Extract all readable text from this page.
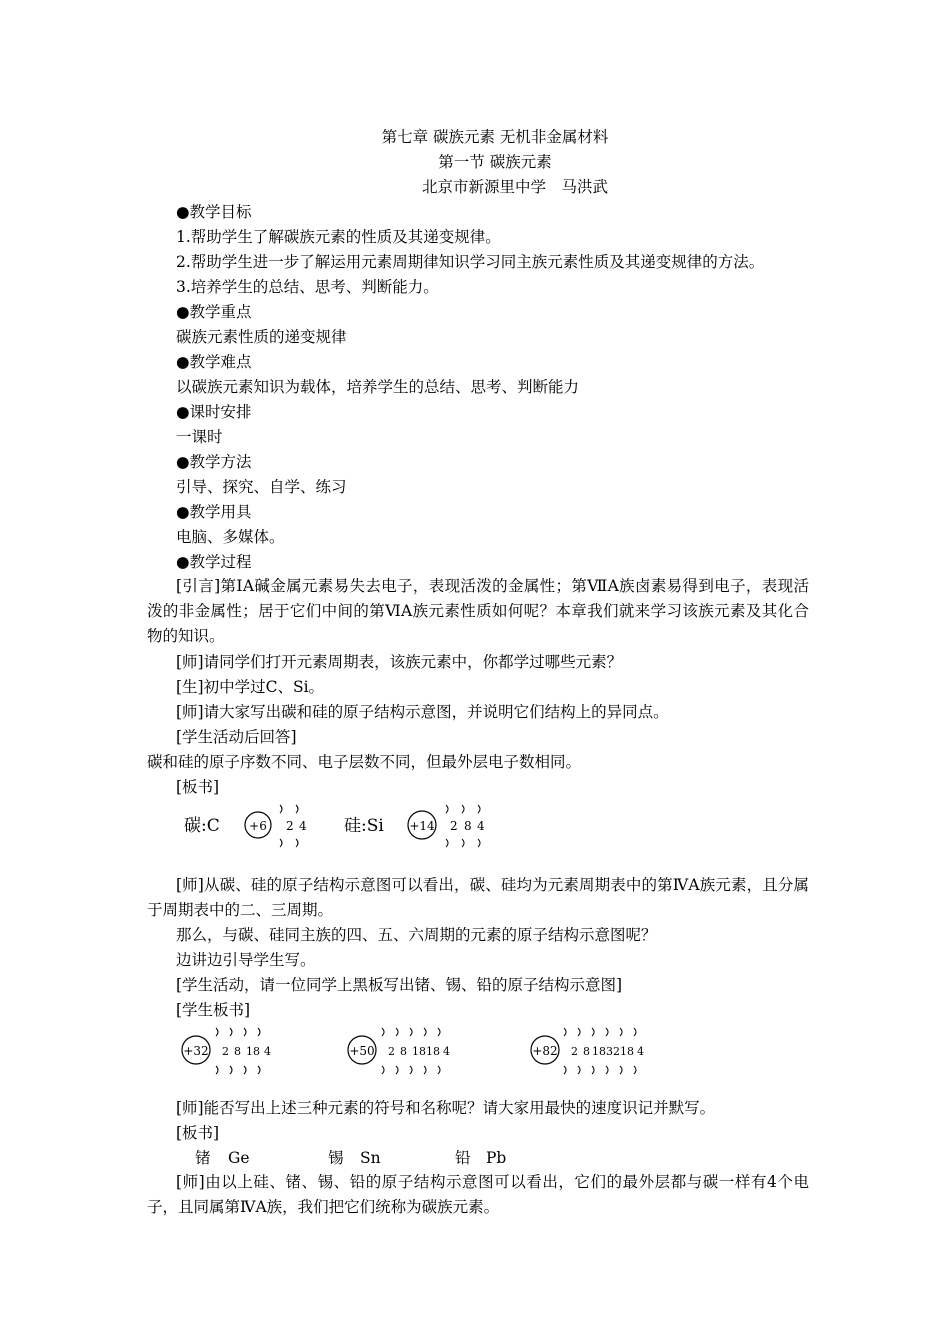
第七章 碳族元素 无机非金属材料
第一节 碳族元素
北京市新源里中学　马洪武
●教学目标
1.帮助学生了解碳族元素的性质及其递变规律。
2.帮助学生进一步了解运用元素周期律知识学习同主族元素性质及其递变规律的方法。
3.培养学生的总结、思考、判断能力。
●教学重点
碳族元素性质的递变规律
●教学难点
以碳族元素知识为载体，培养学生的总结、思考、判断能力
●课时安排
一课时
●教学方法
引导、探究、自学、练习
●教学用具
电脑、多媒体。
●教学过程
[引言]第ⅠA碱金属元素易失去电子，表现活泼的金属性；第ⅦA族卤素易得到电子，表现活泼的非金属性；居于它们中间的第ⅥA族元素性质如何呢？本章我们就来学习该族元素及其化合物的知识。
[师]请同学们打开元素周期表，该族元素中，你都学过哪些元素？
[生]初中学过C、Si。
[师]请大家写出碳和硅的原子结构示意图，并说明它们结构上的异同点。
[学生活动后回答]
碳和硅的原子序数不同、电子层数不同，但最外层电子数相同。
[板书]
碳:C +6 2 4 硅:Si +14 2 8 4
[师]从碳、硅的原子结构示意图可以看出，碳、硅均为元素周期表中的第ⅣA族元素，且分属于周期表中的二、三周期。
那么，与碳、硅同主族的四、五、六周期的元素的原子结构示意图呢？
边讲边引导学生写。
[学生活动，请一位同学上黑板写出锗、锡、铅的原子结构示意图]
[学生板书]
+32 2 8 18 4	+50 2 8 18 18 4	+82 2 8 18 32 18 4
[师]能否写出上述三种元素的符号和名称呢？请大家用最快的速度识记并默写。
[板书]
锗 Ge	锡 Sn	铅 Pb
[师]由以上硅、锗、锡、铅的原子结构示意图可以看出，它们的最外层都与碳一样有4个电子，且同属第ⅣA族，我们把它们统称为碳族元素。
